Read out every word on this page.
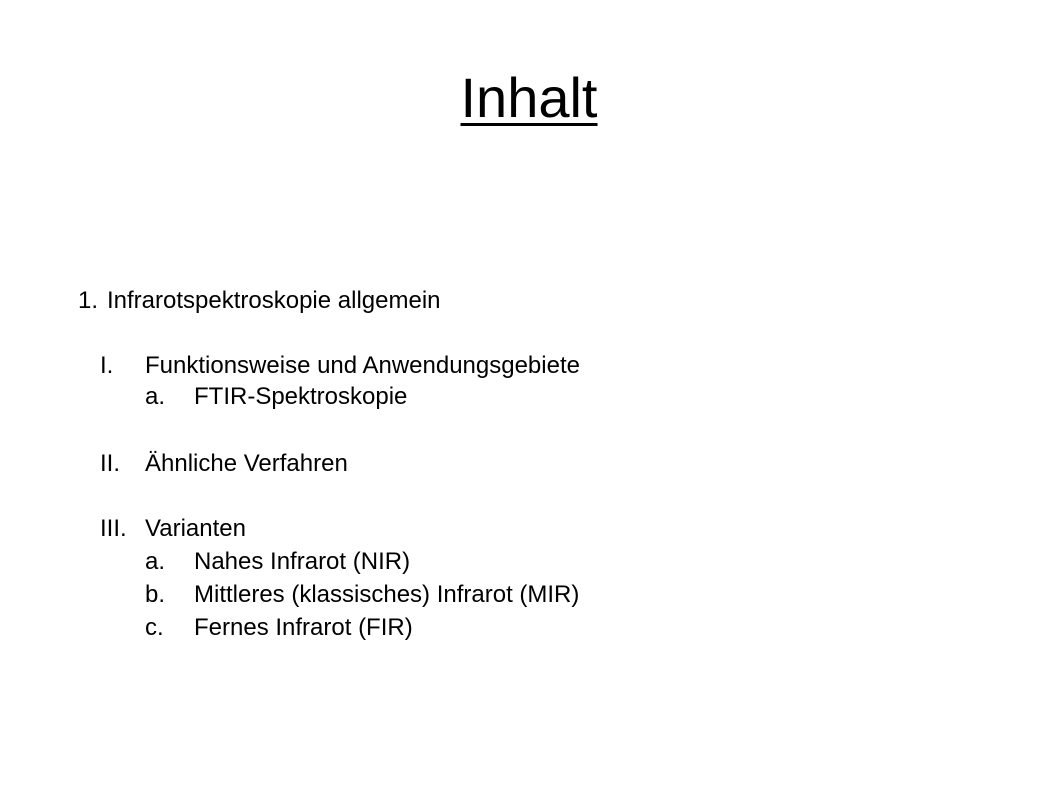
Inhalt
1. Infrarotspektroskopie allgemein
I. Funktionsweise und Anwendungsgebiete
a. FTIR-Spektroskopie
II. Ähnliche Verfahren
III. Varianten
a. Nahes Infrarot (NIR)
b. Mittleres (klassisches) Infrarot (MIR)
c. Fernes Infrarot (FIR)
